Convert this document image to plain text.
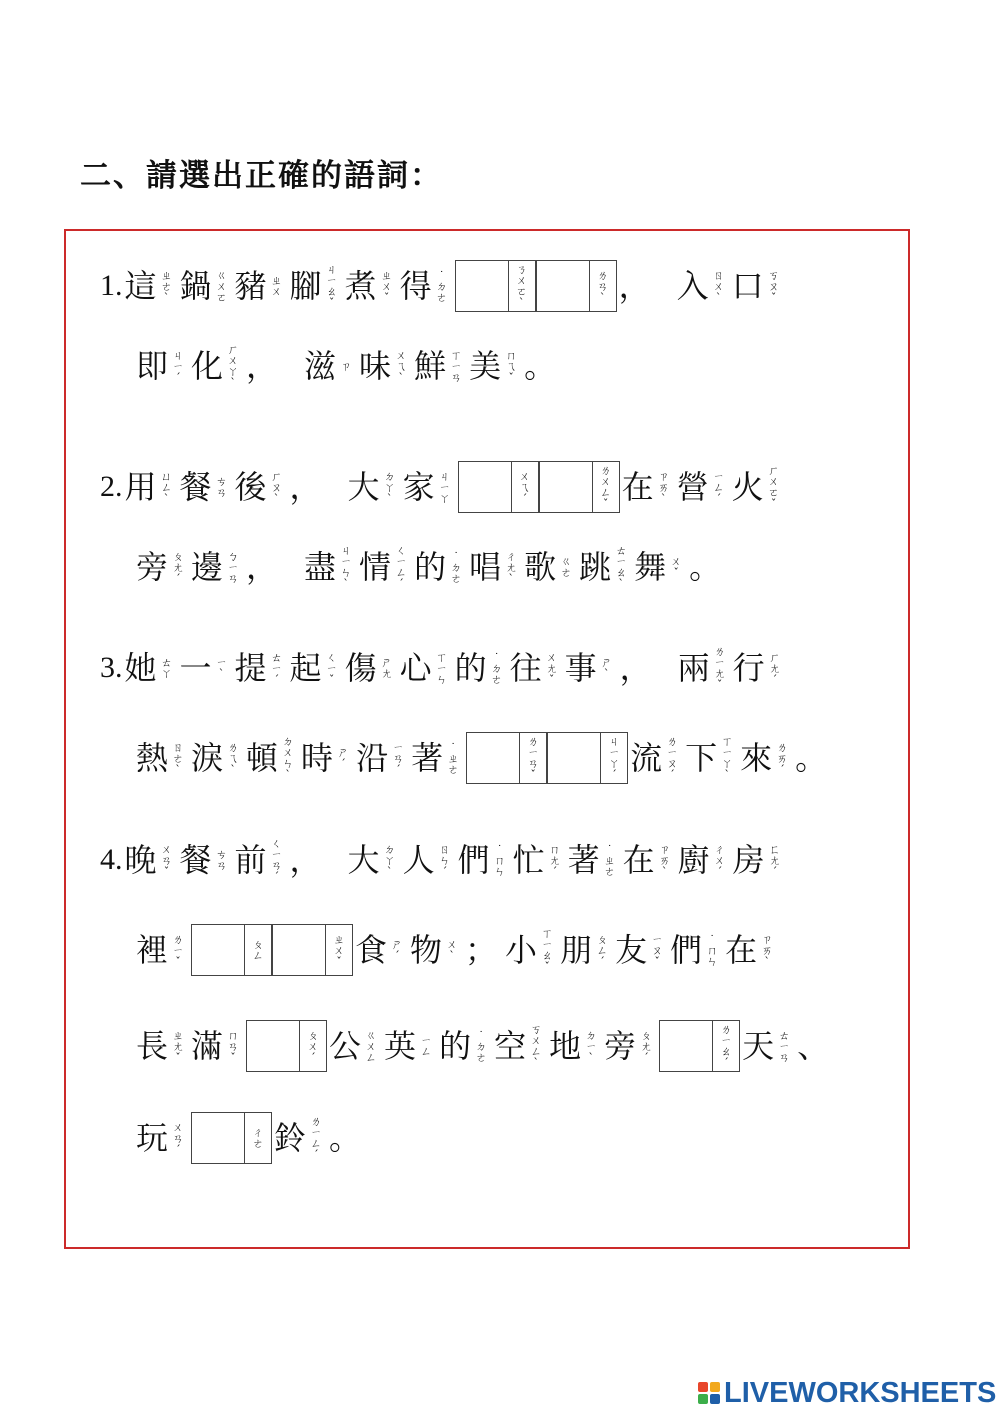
二、請選出正確的語詞：
1. 這 ㄓ
ㄜ
ˋ 鍋 ㄍ
ㄨ
ㄛ 豬 ㄓ
ㄨ 腳 ㄐ
ㄧ
ㄠ
ˇ 煮 ㄓ
ㄨ
ˇ 得 ˙
ㄉ
ㄜ
ㄋ
ㄨ
ㄛ
ˋ
ㄌ
ㄢ
ˋ ， 入 ㄖ
ㄨ
ˋ 口 ㄎ
ㄡ
ˇ
即 ㄐ
ㄧ
ˊ 化 ㄏ
ㄨ
ㄚ
ˋ ， 滋 ㄗ 味 ㄨ
ㄟ
ˋ 鮮 ㄒ
ㄧ
ㄢ 美 ㄇ
ㄟ
ˇ 。
2. 用 ㄩ
ㄥ
ˋ 餐 ㄘ
ㄢ 後 ㄏ
ㄡ
ˋ ， 大 ㄉ
ㄚ
ˋ 家 ㄐ
ㄧ
ㄚ
ㄨ
ㄟ
ˊ
ㄌ
ㄨ
ㄥ
ˇ 在 ㄗ
ㄞ
ˋ 營 ㄧ
ㄥ
ˊ 火 ㄏ
ㄨ
ㄛ
ˇ
旁 ㄆ
ㄤ
ˊ 邊 ㄅ
ㄧ
ㄢ ， 盡 ㄐ
ㄧ
ㄣ
ˋ 情 ㄑ
ㄧ
ㄥ
ˊ 的 ˙
ㄉ
ㄜ 唱 ㄔ
ㄤ
ˋ 歌 ㄍ
ㄜ 跳 ㄊ
ㄧ
ㄠ
ˋ 舞 ㄨ
ˇ 。
3. 她 ㄊ
ㄚ 一 ㄧ
ˋ 提 ㄊ
ㄧ
ˊ 起 ㄑ
ㄧ
ˇ 傷 ㄕ
ㄤ 心 ㄒ
ㄧ
ㄣ 的 ˙
ㄉ
ㄜ 往 ㄨ
ㄤ
ˇ 事 ㄕ
ˋ ， 兩 ㄌ
ㄧ
ㄤ
ˇ 行 ㄏ
ㄤ
ˊ
熱 ㄖ
ㄜ
ˋ 淚 ㄌ
ㄟ
ˋ 頓 ㄉ
ㄨ
ㄣ
ˋ 時 ㄕ
ˊ 沿 ㄧ
ㄢ
ˊ 著 ˙
ㄓ
ㄜ
ㄌ
ㄧ
ㄢ
ˇ
ㄐ
ㄧ
ㄚ
ˊ 流 ㄌ
ㄧ
ㄡ
ˊ 下 ㄒ
ㄧ
ㄚ
ˋ 來 ㄌ
ㄞ
ˊ 。
4. 晚 ㄨ
ㄢ
ˇ 餐 ㄘ
ㄢ 前 ㄑ
ㄧ
ㄢ
ˊ ， 大 ㄉ
ㄚ
ˋ 人 ㄖ
ㄣ
ˊ 們 ˙
ㄇ
ㄣ 忙 ㄇ
ㄤ
ˊ 著 ˙
ㄓ
ㄜ 在 ㄗ
ㄞ
ˋ 廚 ㄔ
ㄨ
ˊ 房 ㄈ
ㄤ
ˊ
裡 ㄌ
ㄧ
ˇ
ㄆ
ㄥ
ㄓ
ㄨ
ˇ 食 ㄕ
ˊ 物 ㄨ
ˋ ； 小 ㄒ
ㄧ
ㄠ
ˇ 朋 ㄆ
ㄥ
ˊ 友 ㄧ
ㄡ
ˇ 們 ˙
ㄇ
ㄣ 在 ㄗ
ㄞ
ˋ
長 ㄓ
ㄤ
ˇ 滿 ㄇ
ㄢ
ˇ
ㄆ
ㄨ
ˊ 公 ㄍ
ㄨ
ㄥ 英 ㄧ
ㄥ 的 ˙
ㄉ
ㄜ 空 ㄎ
ㄨ
ㄥ
ˋ 地 ㄉ
ㄧ
ˋ 旁 ㄆ
ㄤ
ˊ
ㄌ
ㄧ
ㄠ
ˊ 天 ㄊ
ㄧ
ㄢ 、
玩 ㄨ
ㄢ
ˊ
ㄔ
ㄜ 鈴 ㄌ
ㄧ
ㄥ
ˊ 。
LIVEWORKSHEETS
